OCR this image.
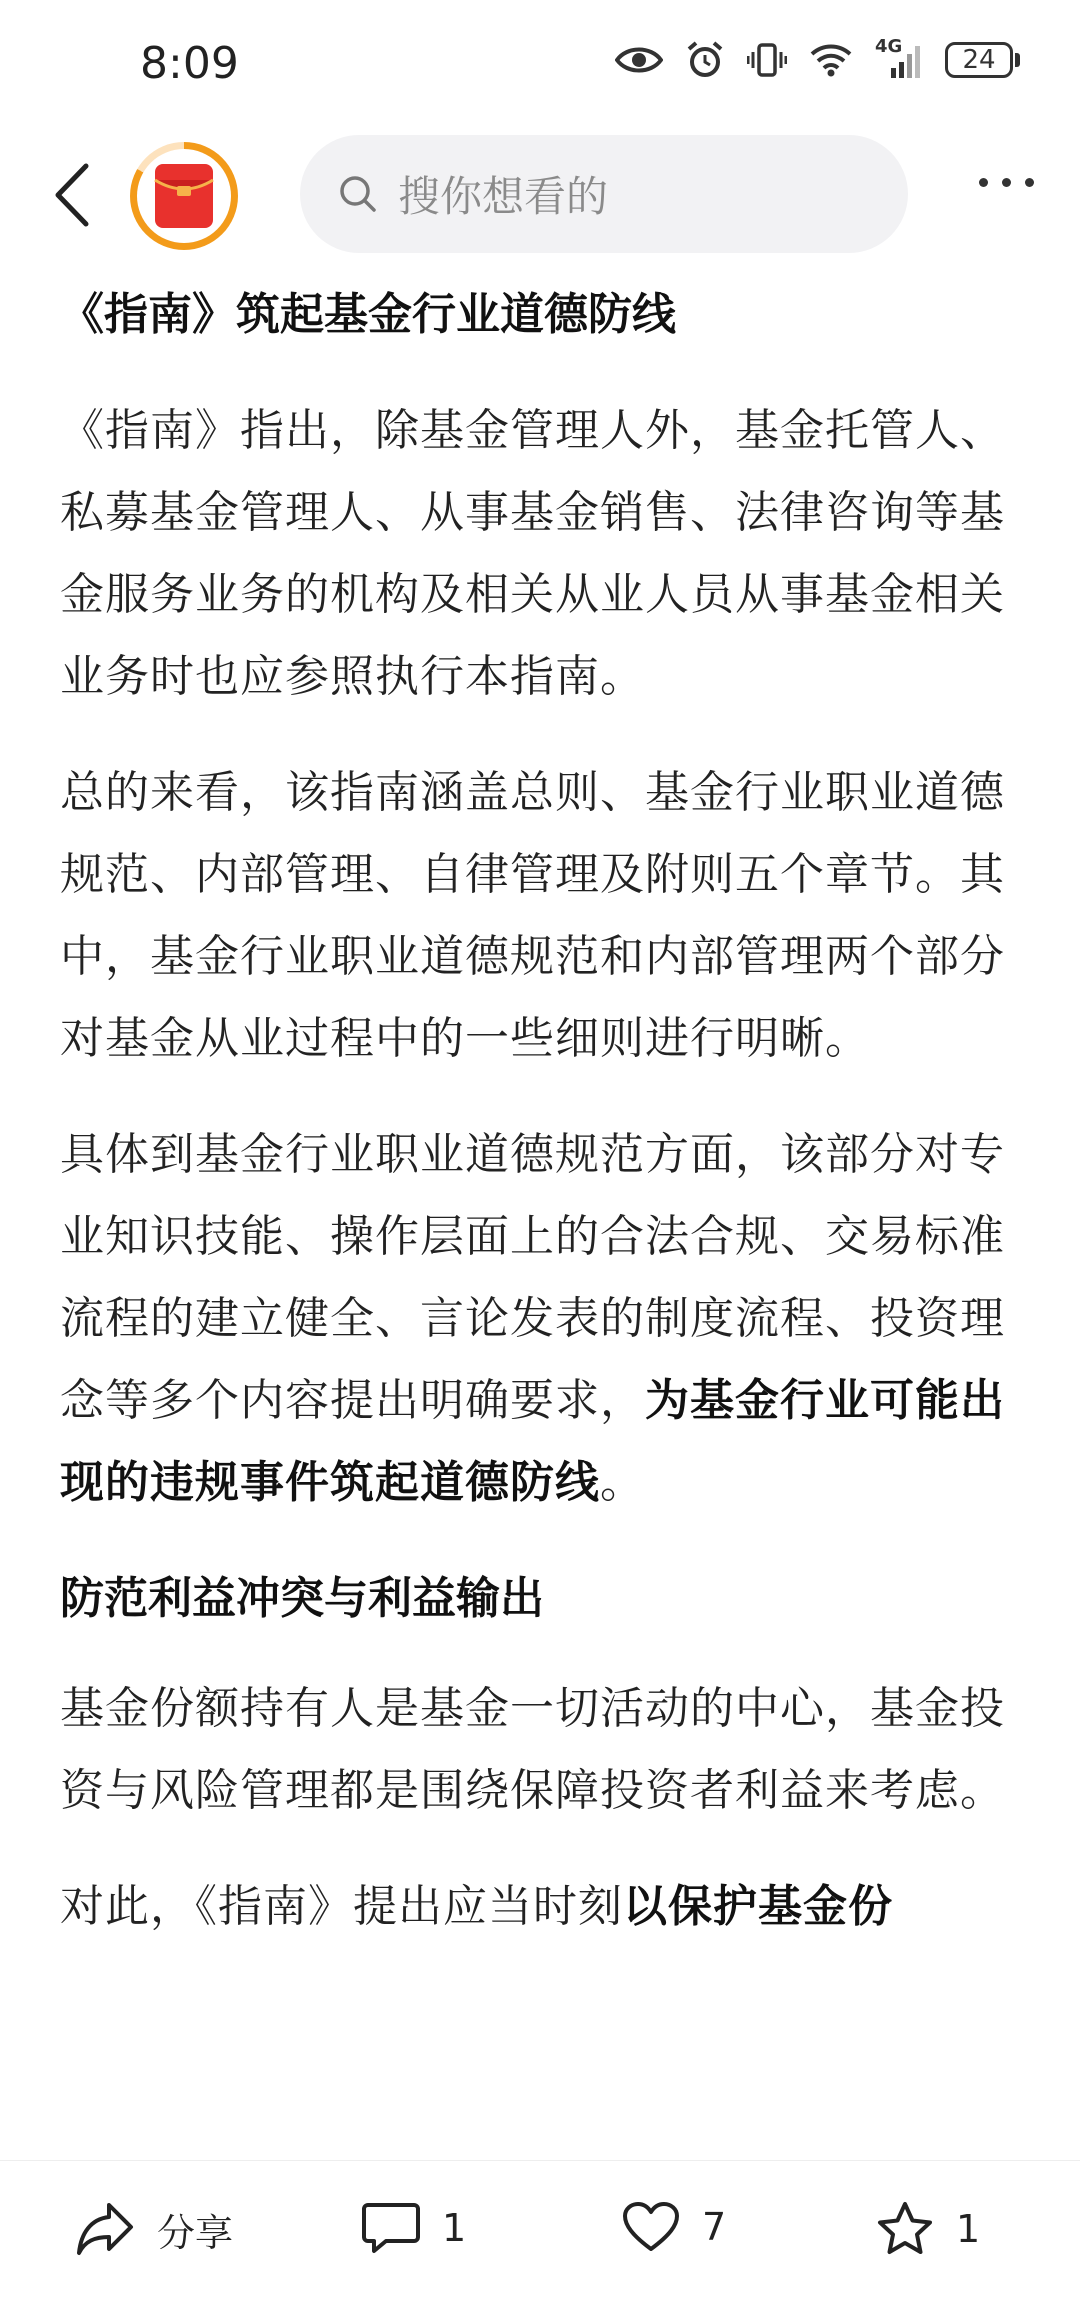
8:09	4G	24
搜你想看的
《指南》筑起基金行业道德防线

《指南》指出，除基金管理人外，基金托管人、私募基金管理人、从事基金销售、法律咨询等基金服务业务的机构及相关从业人员从事基金相关业务时也应参照执行本指南。

总的来看，该指南涵盖总则、基金行业职业道德规范、内部管理、自律管理及附则五个章节。其中，基金行业职业道德规范和内部管理两个部分对基金从业过程中的一些细则进行明晰。

具体到基金行业职业道德规范方面，该部分对专业知识技能、操作层面上的合法合规、交易标准流程的建立健全、言论发表的制度流程、投资理念等多个内容提出明确要求，为基金行业可能出现的违规事件筑起道德防线。

防范利益冲突与利益输出

基金份额持有人是基金一切活动的中心，基金投资与风险管理都是围绕保障投资者利益来考虑。

对此，《指南》提出应当时刻以保护基金份

分享	1	7	1
